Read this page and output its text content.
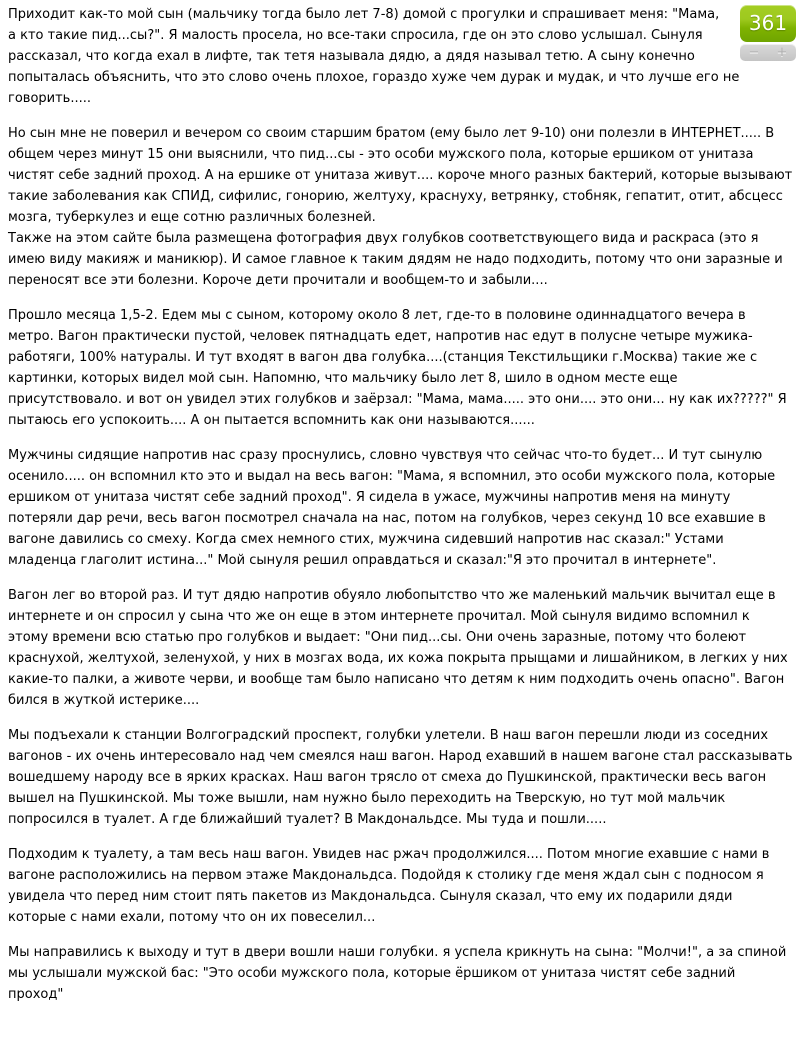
361
−	+

Приходит как-то мой сын (мальчику тогда было лет 7-8) домой с прогулки и спрашивает меня: "Мама, а кто такие пид...сы?". Я малость просела, но все-таки спросила, где он это слово услышал. Сынуля рассказал, что когда ехал в лифте, так тетя называла дядю, а дядя называл тетю. А сыну конечно попыталась объяснить, что это слово очень плохое, гораздо хуже чем дурак и мудак, и что лучше его не говорить.....

Но сын мне не поверил и вечером со своим старшим братом (ему было лет 9-10) они полезли в ИНТЕРНЕТ..... В общем через минут 15 они выяснили, что пид...сы - это особи мужского пола, которые ершиком от унитаза чистят себе задний проход. А на ершике от унитаза живут.... короче много разных бактерий, которые вызывают такие заболевания как СПИД, сифилис, гонорию, желтуху, краснуху, ветрянку, стобняк, гепатит, отит, абсцесс мозга, туберкулез и еще сотню различных болезней.
Также на этом сайте была размещена фотография двух голубков соответствующего вида и раскраса (это я имею виду макияж и маникюр). И самое главное к таким дядям не надо подходить, потому что они заразные и переносят все эти болезни. Короче дети прочитали и вообщем-то и забыли....

Прошло месяца 1,5-2. Едем мы с сыном, которому около 8 лет, где-то в половине одиннадцатого вечера в метро. Вагон практически пустой, человек пятнадцать едет, напротив нас едут в полусне четыре мужика-работяги, 100% натуралы. И тут входят в вагон два голубка....(станция Текстильщики г.Москва) такие же с картинки, которых видел мой сын. Напомню, что мальчику было лет 8, шило в одном месте еще присутствовало. и вот он увидел этих голубков и заёрзал: "Мама, мама..... это они.... это они... ну как их?????" Я пытаюсь его успокоить.... А он пытается вспомнить как они называются......

Мужчины сидящие напротив нас сразу проснулись, словно чувствуя что сейчас что-то будет... И тут сынулю осенило..... он вспомнил кто это и выдал на весь вагон: "Мама, я вспомнил, это особи мужского пола, которые ершиком от унитаза чистят себе задний проход". Я сидела в ужасе, мужчины напротив меня на минуту потеряли дар речи, весь вагон посмотрел сначала на нас, потом на голубков, через секунд 10 все ехавшие в вагоне давились со смеху. Когда смех немного стих, мужчина сидевший напротив нас сказал:" Устами младенца глаголит истина..." Мой сынуля решил оправдаться и сказал:"Я это прочитал в интернете".

Вагон лег во второй раз. И тут дядю напротив обуяло любопытство что же маленький мальчик вычитал еще в интернете и он спросил у сына что же он еще в этом интернете прочитал. Мой сынуля видимо вспомнил к этому времени всю статью про голубков и выдает: "Они пид...сы. Они очень заразные, потому что болеют краснухой, желтухой, зеленухой, у них в мозгах вода, их кожа покрыта прыщами и лишайником, в легких у них какие-то палки, а животе черви, и вообще там было написано что детям к ним подходить очень опасно". Вагон бился в жуткой истерике....

Мы подъехали к станции Волгоградский проспект, голубки улетели. В наш вагон перешли люди из соседних вагонов - их очень интересовало над чем смеялся наш вагон. Народ ехавший в нашем вагоне стал рассказывать вошедшему народу все в ярких красках. Наш вагон трясло от смеха до Пушкинской, практически весь вагон вышел на Пушкинской. Мы тоже вышли, нам нужно было переходить на Тверскую, но тут мой мальчик попросился в туалет. А где ближайший туалет? В Макдональдсе. Мы туда и пошли.....

Подходим к туалету, а там весь наш вагон. Увидев нас ржач продолжился.... Потом многие ехавшие с нами в вагоне расположились на первом этаже Макдональдса. Подойдя к столику где меня ждал сын с подносом я увидела что перед ним стоит пять пакетов из Макдональдса. Сынуля сказал, что ему их подарили дяди которые с нами ехали, потому что он их повеселил...

Мы направились к выходу и тут в двери вошли наши голубки. я успела крикнуть на сына: "Молчи!", а за спиной мы услышали мужской бас: "Это особи мужского пола, которые ёршиком от унитаза чистят себе задний проход"
